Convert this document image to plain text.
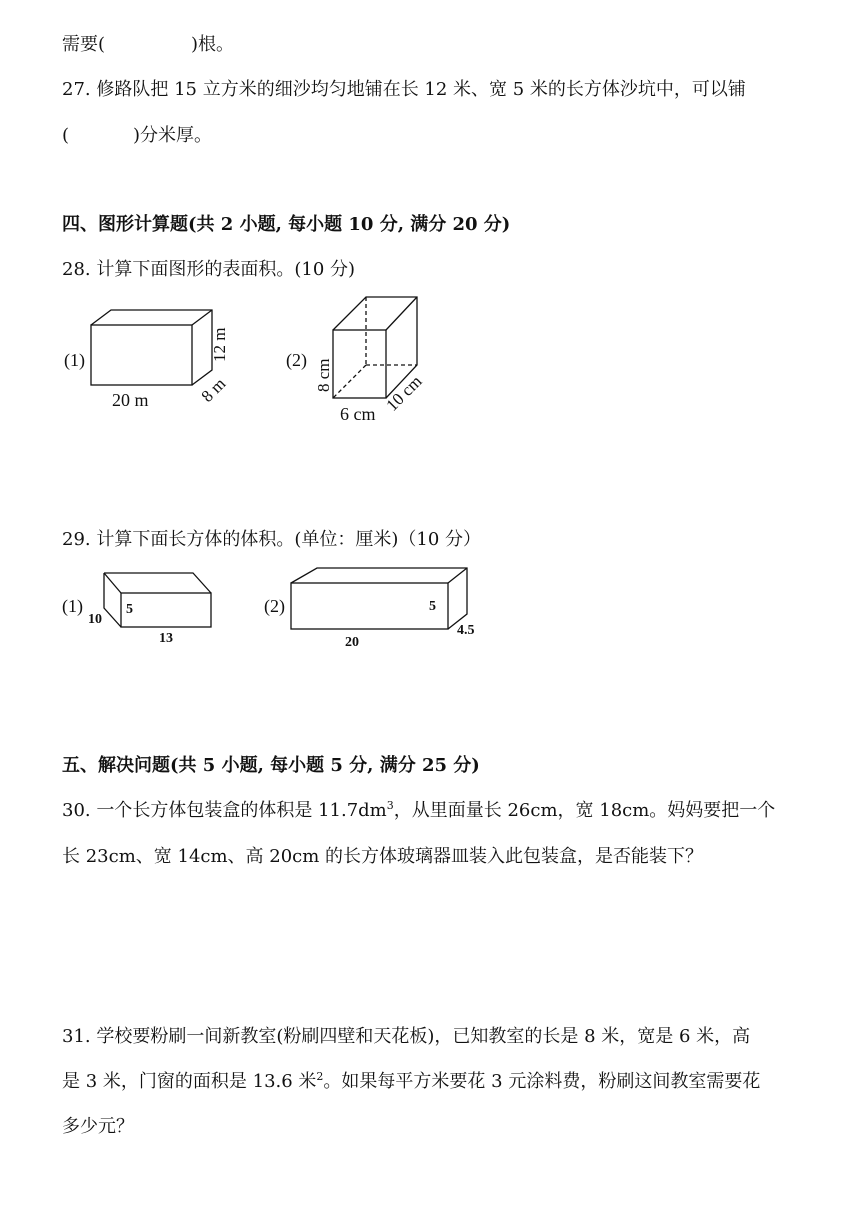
需要(	)根。
27. 修路队把 15 立方米的细沙均匀地铺在长 12 米、宽 5 米的长方体沙坑中，可以铺
(	)分米厚。
四、图形计算题(共 2 小题, 每小题 10 分, 满分 20 分)
28. 计算下面图形的表面积。(10 分)
(1)
20 m	8 m
12 m	(2) 8 cm
6 cm 10 cm
29. 计算下面长方体的体积。(单位：厘米)（10 分）
(1)
10
5
13
(2)	5
20
4.5
五、解决问题(共 5 小题, 每小题 5 分, 满分 25 分)
30. 一个长方体包装盒的体积是 $11.7dm^3$，从里面量长 26cm，宽 18cm。妈妈要把一个
长 23cm、宽 14cm、高 20cm 的长方体玻璃器皿装入此包装盒，是否能装下？
31. 学校要粉刷一间新教室(粉刷四壁和天花板)，已知教室的长是 8 米，宽是 6 米，高
是 3 米，门窗的面积是 13.6 米$^2$。如果每平方米要花 3 元涂料费，粉刷这间教室需要花
多少元？
